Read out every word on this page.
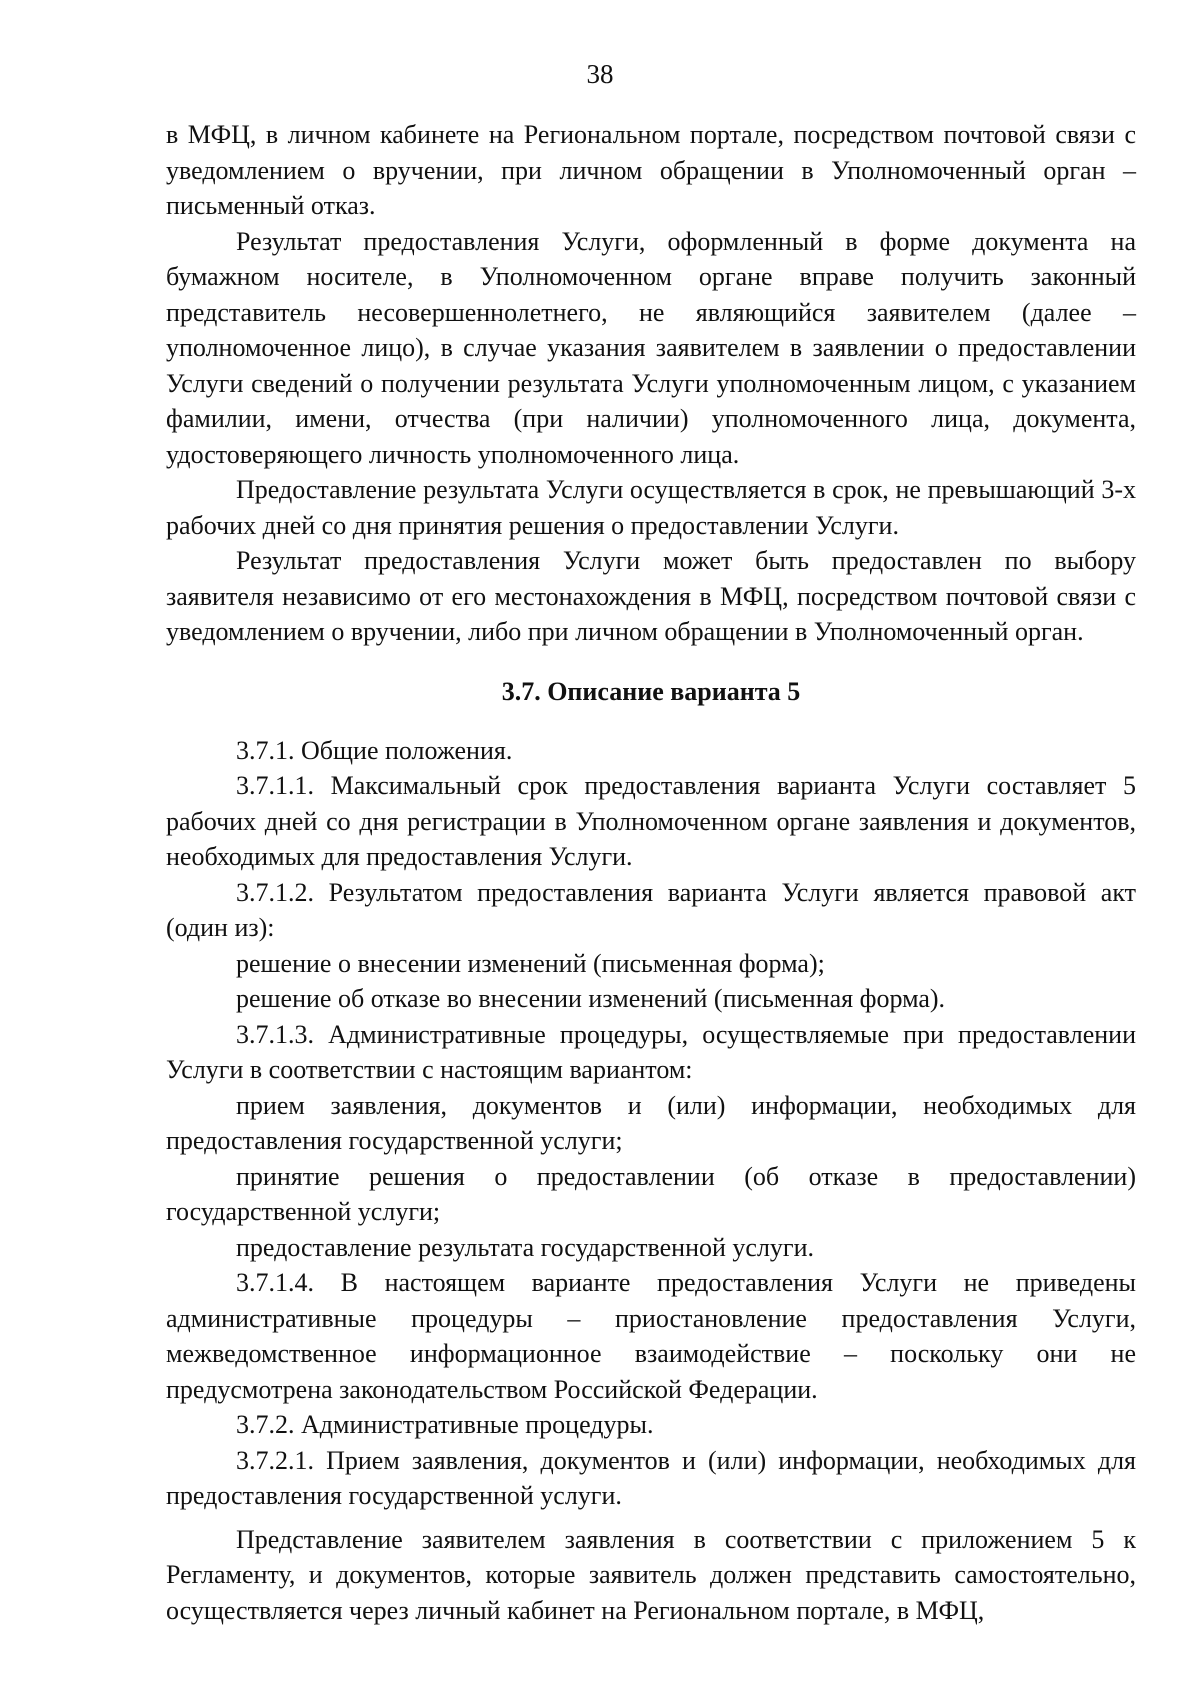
38

в МФЦ, в личном кабинете на Региональном портале, посредством почтовой связи с уведомлением о вручении, при личном обращении в Уполномоченный орган – письменный отказ.

Результат предоставления Услуги, оформленный в форме документа на бумажном носителе, в Уполномоченном органе вправе получить законный представитель несовершеннолетнего, не являющийся заявителем (далее – уполномоченное лицо), в случае указания заявителем в заявлении о предоставлении Услуги сведений о получении результата Услуги уполномоченным лицом, с указанием фамилии, имени, отчества (при наличии) уполномоченного лица, документа, удостоверяющего личность уполномоченного лица.

Предоставление результата Услуги осуществляется в срок, не превышающий 3-х рабочих дней со дня принятия решения о предоставлении Услуги.

Результат предоставления Услуги может быть предоставлен по выбору заявителя независимо от его местонахождения в МФЦ, посредством почтовой связи с уведомлением о вручении, либо при личном обращении в Уполномоченный орган.

3.7. Описание варианта 5

3.7.1. Общие положения.

3.7.1.1. Максимальный срок предоставления варианта Услуги составляет 5 рабочих дней со дня регистрации в Уполномоченном органе заявления и документов, необходимых для предоставления Услуги.

3.7.1.2. Результатом предоставления варианта Услуги является правовой акт (один из):

решение о внесении изменений (письменная форма);

решение об отказе во внесении изменений (письменная форма).

3.7.1.3. Административные процедуры, осуществляемые при предоставлении Услуги в соответствии с настоящим вариантом:

прием заявления, документов и (или) информации, необходимых для предоставления государственной услуги;

принятие решения о предоставлении (об отказе в предоставлении) государственной услуги;

предоставление результата государственной услуги.

3.7.1.4. В настоящем варианте предоставления Услуги не приведены административные процедуры – приостановление предоставления Услуги, межведомственное информационное взаимодействие – поскольку они не предусмотрена законодательством Российской Федерации.

3.7.2. Административные процедуры.

3.7.2.1. Прием заявления, документов и (или) информации, необходимых для предоставления государственной услуги.

Представление заявителем заявления в соответствии с приложением 5 к Регламенту, и документов, которые заявитель должен представить самостоятельно, осуществляется через личный кабинет на Региональном портале, в МФЦ,
